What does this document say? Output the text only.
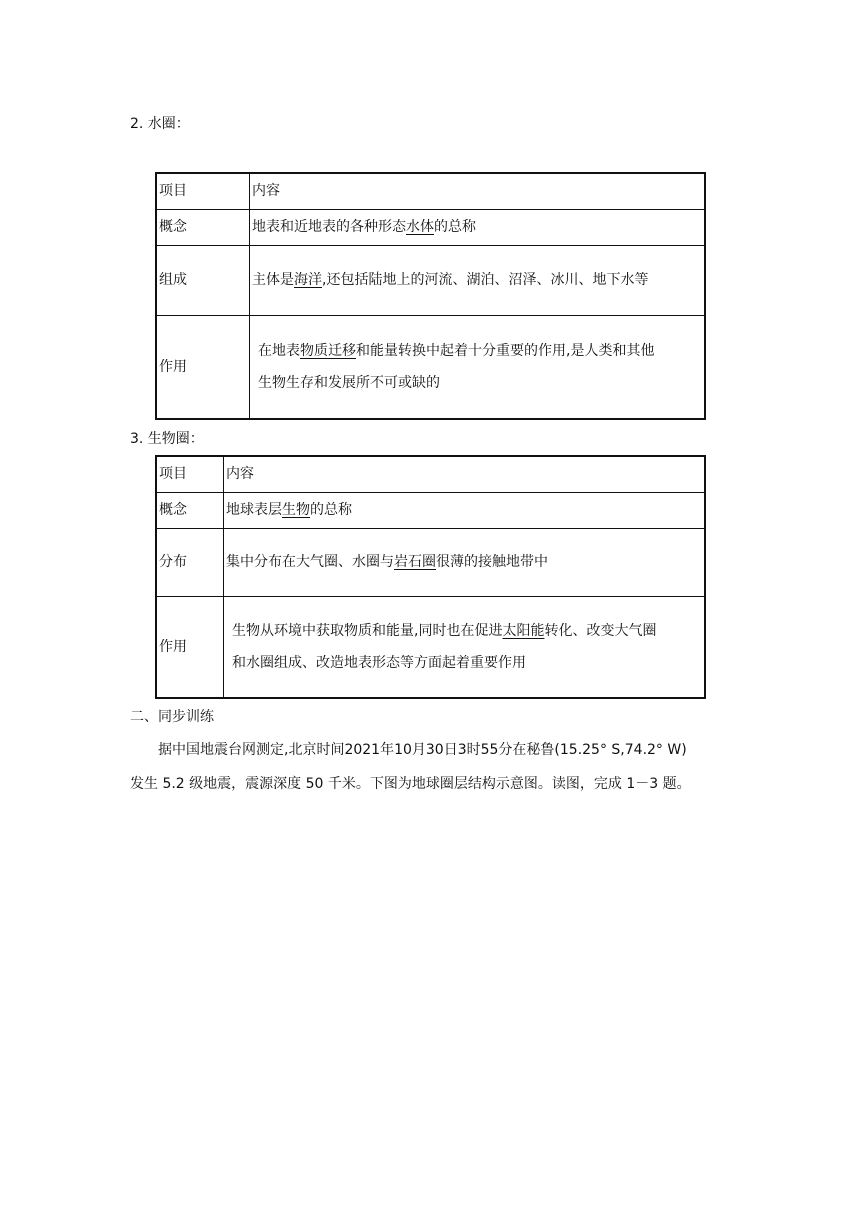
2. 水圈：
项目	内容
概念	地表和近地表的各种形态水体的总称
组成	主体是海洋,还包括陆地上的河流、湖泊、沼泽、冰川、地下水等
作用	在地表物质迁移和能量转换中起着十分重要的作用,是人类和其他
生物生存和发展所不可或缺的
3. 生物圈：
项目	内容
概念	地球表层生物的总称
分布	集中分布在大气圈、水圈与岩石圈很薄的接触地带中
作用	生物从环境中获取物质和能量,同时也在促进太阳能转化、改变大气圈
和水圈组成、改造地表形态等方面起着重要作用
二、同步训练
据中国地震台网测定,北京时间2021年10月30日3时55分在秘鲁(15.25° S,74.2° W)
发生 5.2 级地震，震源深度 50 千米。下图为地球圈层结构示意图。读图，完成 1－3 题。
